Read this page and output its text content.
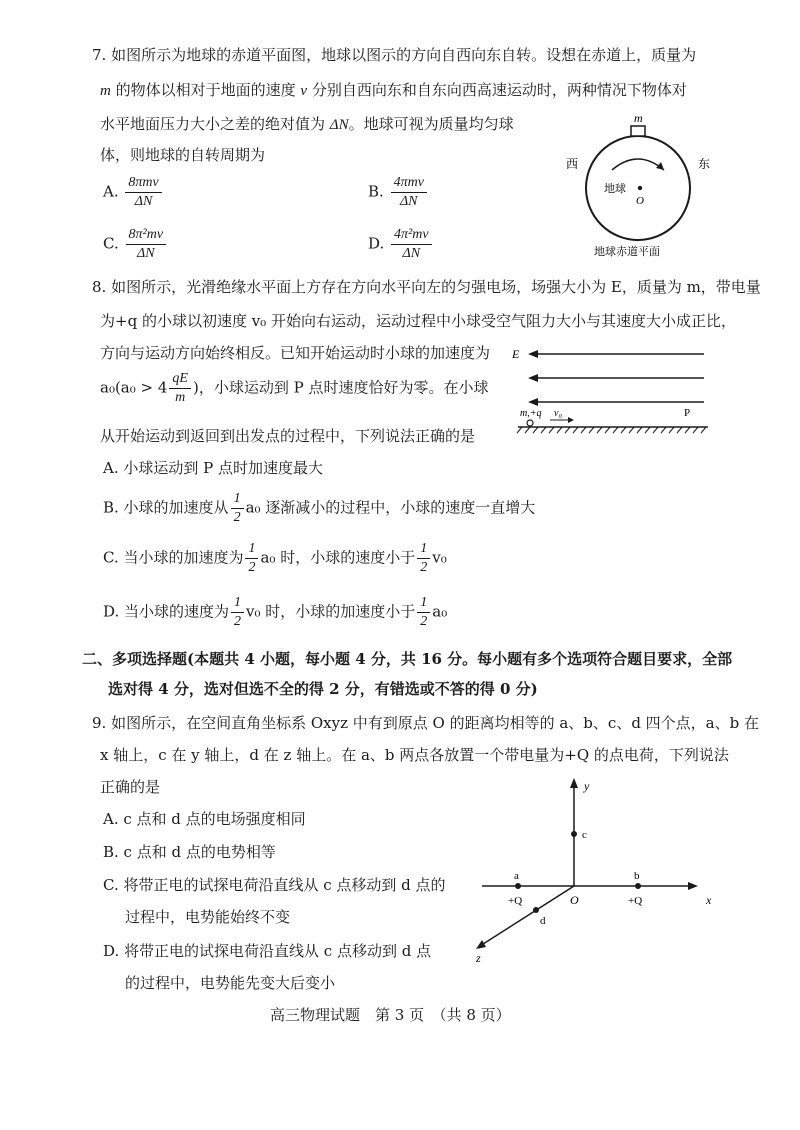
7. 如图所示为地球的赤道平面图，地球以图示的方向自西向东自转。设想在赤道上，质量为
m 的物体以相对于地面的速度 v 分别自西向东和自东向西高速运动时，两种情况下物体对
水平地面压力大小之差的绝对值为 ΔN。地球可视为质量均匀球
体，则地球的自转周期为
A. $\frac{\text{8πmv}}{\Delta N}$	B. $\frac{\text{4πmv}}{\Delta N}$
C. $\frac{\text{8π²mv}}{\Delta N}$	D. $\frac{\text{4π²mv}}{\Delta N}$
m
西	东
地球
O
地球赤道平面
8. 如图所示，光滑绝缘水平面上方存在方向水平向左的匀强电场，场强大小为 E，质量为 m，带电量
为+q 的小球以初速度 v₀ 开始向右运动，运动过程中小球受空气阻力大小与其速度大小成正比，
方向与运动方向始终相反。已知开始运动时小球的加速度为
$a_0(a_0 > 4 \frac{qE}{m}$ )，小球运动到 P 点时速度恰好为零。在小球
从开始运动到返回到出发点的过程中，下列说法正确的是
E
m,+q v₀	P
A. 小球运动到 P 点时加速度最大
B. 小球的加速度从 $\frac{1}{2} a_0$ 逐渐减小的过程中，小球的速度一直增大
C. 当小球的加速度为 $\frac{1}{2} a_0$ 时，小球的速度小于 $\frac{1}{2} v_0$
D. 当小球的速度为 $\frac{1}{2} v_0$ 时，小球的加速度小于 $\frac{1}{2} a_0$
二、多项选择题(本题共 4 小题，每小题 4 分，共 16 分。每小题有多个选项符合题目要求，全部
选对得 4 分，选对但选不全的得 2 分，有错选或不答的得 0 分)
9. 如图所示，在空间直角坐标系 Oxyz 中有到原点 O 的距离均相等的 a、b、c、d 四个点，a、b 在
x 轴上，c 在 y 轴上，d 在 z 轴上。在 a、b 两点各放置一个带电量为+Q 的点电荷，下列说法
正确的是
A. c 点和 d 点的电场强度相同
B. c 点和 d 点的电势相等
C. 将带正电的试探电荷沿直线从 c 点移动到 d 点的
过程中，电势能始终不变
D. 将带正电的试探电荷沿直线从 c 点移动到 d 点
的过程中，电势能先变大后变小
y
x
z
O
a
+Q
b
+Q
c
d
高三物理试题　第 3 页　（共 8 页）
